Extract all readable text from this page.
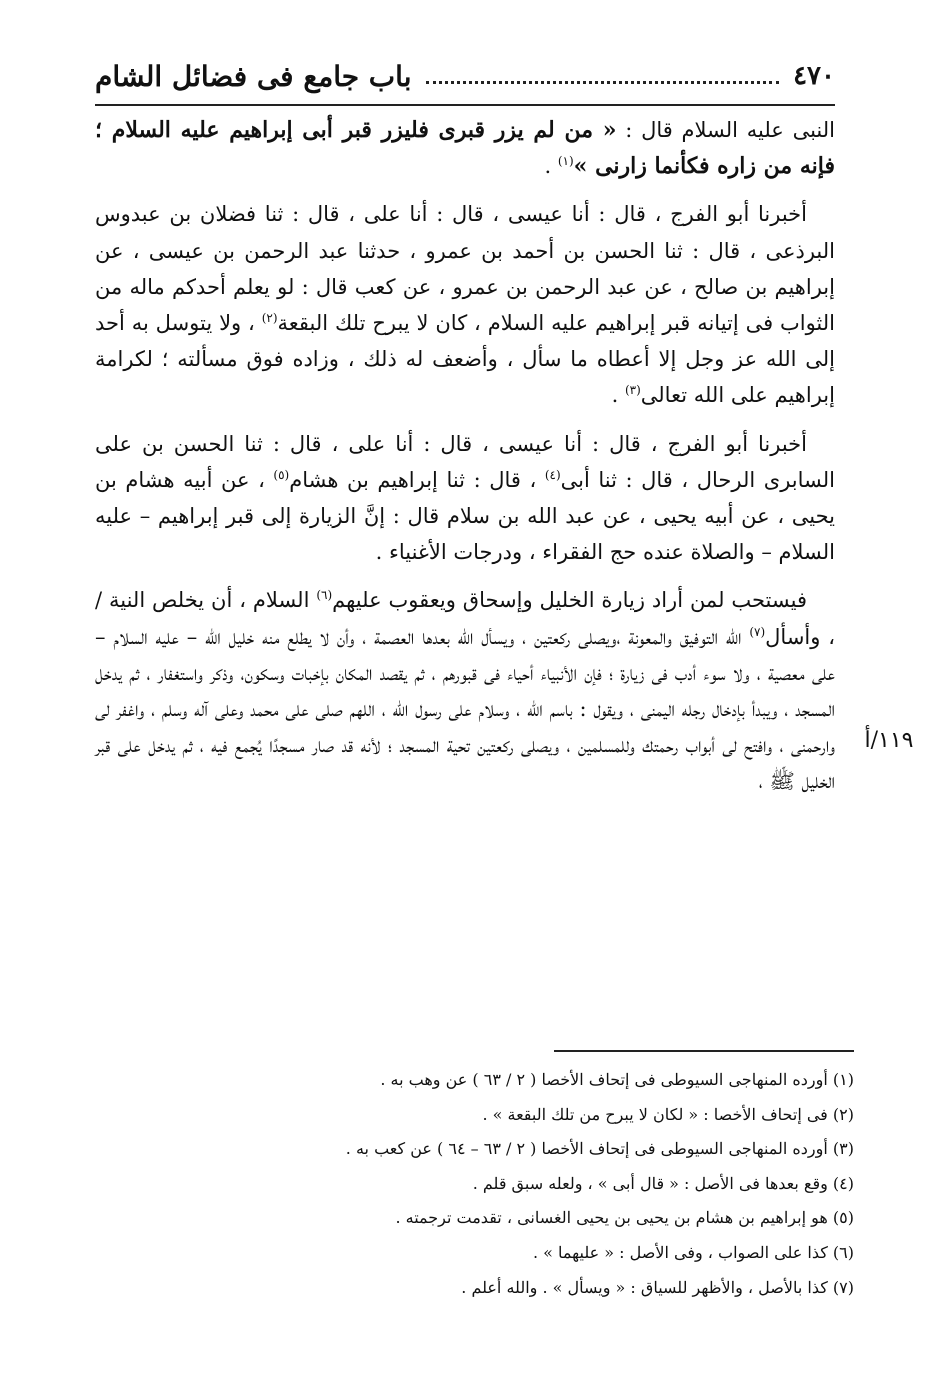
٤٧٠
باب جامع فى فضائل الشام
١١٩/أ

النبى عليه السلام قال : « من لم يزر قبرى فليزر قبر أبى إبراهيم عليه السلام ؛ فإنه من زاره فكأنما زارنى »$^{(١)}$ .

أخبرنا أبو الفرج ، قال : أنا عيسى ، قال : أنا على ، قال : ثنا فضلان بن عبدوس البرذعى ، قال : ثنا الحسن بن أحمد بن عمرو ، حدثنا عبد الرحمن بن عيسى ، عن إبراهيم بن صالح ، عن عبد الرحمن بن عمرو ، عن كعب قال : لو يعلم أحدكم ماله من الثواب فى إتيانه قبر إبراهيم عليه السلام ، كان لا يبرح تلك البقعة$^{(٢)}$ ، ولا يتوسل به أحد إلى الله عز وجل إلا أعطاه ما سأل ، وأضعف له ذلك ، وزاده فوق مسألته ؛ لكرامة إبراهيم على الله تعالى$^{(٣)}$ .

أخبرنا أبو الفرج ، قال : أنا عيسى ، قال : أنا على ، قال : ثنا الحسن بن على السابرى الرحال ، قال : ثنا أبى$^{(٤)}$ ، قال : ثنا إبراهيم بن هشام$^{(٥)}$ ، عن أبيه هشام بن يحيى ، عن أبيه يحيى ، عن عبد الله بن سلام قال : إنَّ الزيارة إلى قبر إبراهيم – عليه السلام – والصلاة عنده حج الفقراء ، ودرجات الأغنياء .

فيستحب لمن أراد زيارة الخليل وإسحاق ويعقوب عليهم$^{(٦)}$ السلام ، أن يخلص النية / ، وأسأل$^{(٧)}$ الله التوفيق والمعونة ،ويصلى ركعتين ، ويسأل الله بعدها العصمة ، وأن لا يطلع منه خليل الله – عليه السلام – على معصية ، ولا سوء أدب فى زيارة ؛ فإن الأنبياء أحياء فى قبورهم ، ثم يقصد المكان بإخبات وسكون، وذكر واستغفار ، ثم يدخل المسجد ، ويبدأ بإدخال رجله اليمنى ، ويقول : باسم الله ، وسلام على رسول الله ، اللهم صلى على محمد وعلى آله وسلم ، واغفر لى وارحمنى ، وافتح لى أبواب رحمتك وللمسلمين ، ويصلى ركعتين تحية المسجد ؛ لأنه قد صار مسجدًا يُجمع فيه ، ثم يدخل على قبر الخليل ﷺ ،

(١) أورده المنهاجى السيوطى فى إتحاف الأخصا ( ٢ / ٦٣ ) عن وهب به .
(٢) فى إتحاف الأخصا : « لكان لا يبرح من تلك البقعة » .
(٣) أورده المنهاجى السيوطى فى إتحاف الأخصا ( ٢ / ٦٣ – ٦٤ ) عن كعب به .
(٤) وقع بعدها فى الأصل : « قال أبى » ، ولعله سبق قلم .
(٥) هو إبراهيم بن هشام بن يحيى بن يحيى الغسانى ، تقدمت ترجمته .
(٦) كذا على الصواب ، وفى الأصل : « عليهما » .
(٧) كذا بالأصل ، والأظهر للسياق : « ويسأل » . والله أعلم .
